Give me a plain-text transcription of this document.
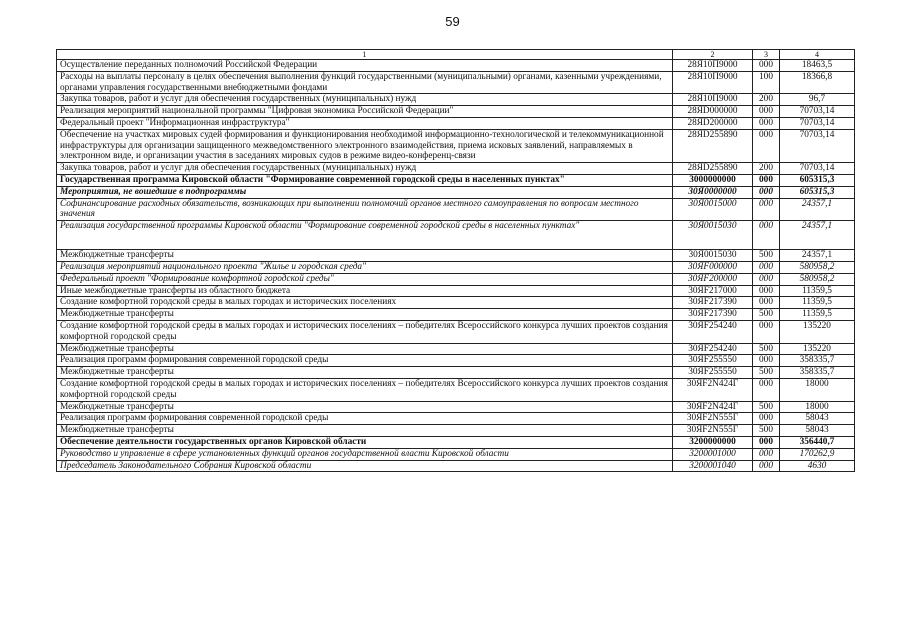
59
1	2	3	4
Осуществление переданных полномочий Российской Федерации	28Я10П9000	000	18463,5
Расходы на выплаты персоналу в целях обеспечения выполнения функций государственными (муниципальными) органами, казенными учреждениями, органами управления государственными внебюджетными фондами	28Я10П9000	100	18366,8
Закупка товаров, работ и услуг для обеспечения государственных (муниципальных) нужд	28Я10П9000	200	96,7
Реализация мероприятий национальной программы "Цифровая экономика Российской Федерации"	28ЯD000000	000	70703,14
Федеральный проект "Информационная инфраструктура"	28ЯD200000	000	70703,14
Обеспечение на участках мировых судей формирования и функционирования необходимой информационно-технологической и телекоммуникационной инфраструктуры для организации защищенного межведомственного электронного взаимодействия, приема исковых заявлений, направляемых в электронном виде, и организации участия в заседаниях мировых судов в режиме видео-конференц-связи	28ЯD255890	000	70703,14
Закупка товаров, работ и услуг для обеспечения государственных (муниципальных) нужд	28ЯD255890	200	70703,14
Государственная программа Кировской области "Формирование современной городской среды в населенных пунктах"	3000000000	000	605315,3
Мероприятия, не вошедшие в подпрограммы	30Я0000000	000	605315,3
Софинансирование расходных обязательств, возникающих при выполнении полномочий органов местного самоуправления по вопросам местного значения	30Я0015000	000	24357,1
Реализация государственной программы Кировской области "Формирование современной городской среды в населенных пунктах"	30Я0015030	000	24357,1
Межбюджетные трансферты	30Я0015030	500	24357,1
Реализация мероприятий национального проекта "Жилье и городская среда"	30ЯF000000	000	580958,2
Федеральный проект "Формирование комфортной городской среды"	30ЯF200000	000	580958,2
Иные межбюджетные трансферты из областного бюджета	30ЯF217000	000	11359,5
Создание комфортной городской среды в малых городах и исторических поселениях	30ЯF217390	000	11359,5
Межбюджетные трансферты	30ЯF217390	500	11359,5
Создание комфортной городской среды в малых городах и исторических поселениях – победителях Всероссийского конкурса лучших проектов создания комфортной городской среды	30ЯF254240	000	135220
Межбюджетные трансферты	30ЯF254240	500	135220
Реализация программ формирования современной городской среды	30ЯF255550	000	358335,7
Межбюджетные трансферты	30ЯF255550	500	358335,7
Создание комфортной городской среды в малых городах и исторических поселениях – победителях Всероссийского конкурса лучших проектов создания комфортной городской среды	30ЯF2N424Г	000	18000
Межбюджетные трансферты	30ЯF2N424Г	500	18000
Реализация программ формирования современной городской среды	30ЯF2N555Г	000	58043
Межбюджетные трансферты	30ЯF2N555Г	500	58043
Обеспечение деятельности государственных органов Кировской области	3200000000	000	356440,7
Руководство и управление в сфере установленных функций органов государственной власти Кировской области	3200001000	000	170262,9
Председатель Законодательного Собрания Кировской области	3200001040	000	4630
